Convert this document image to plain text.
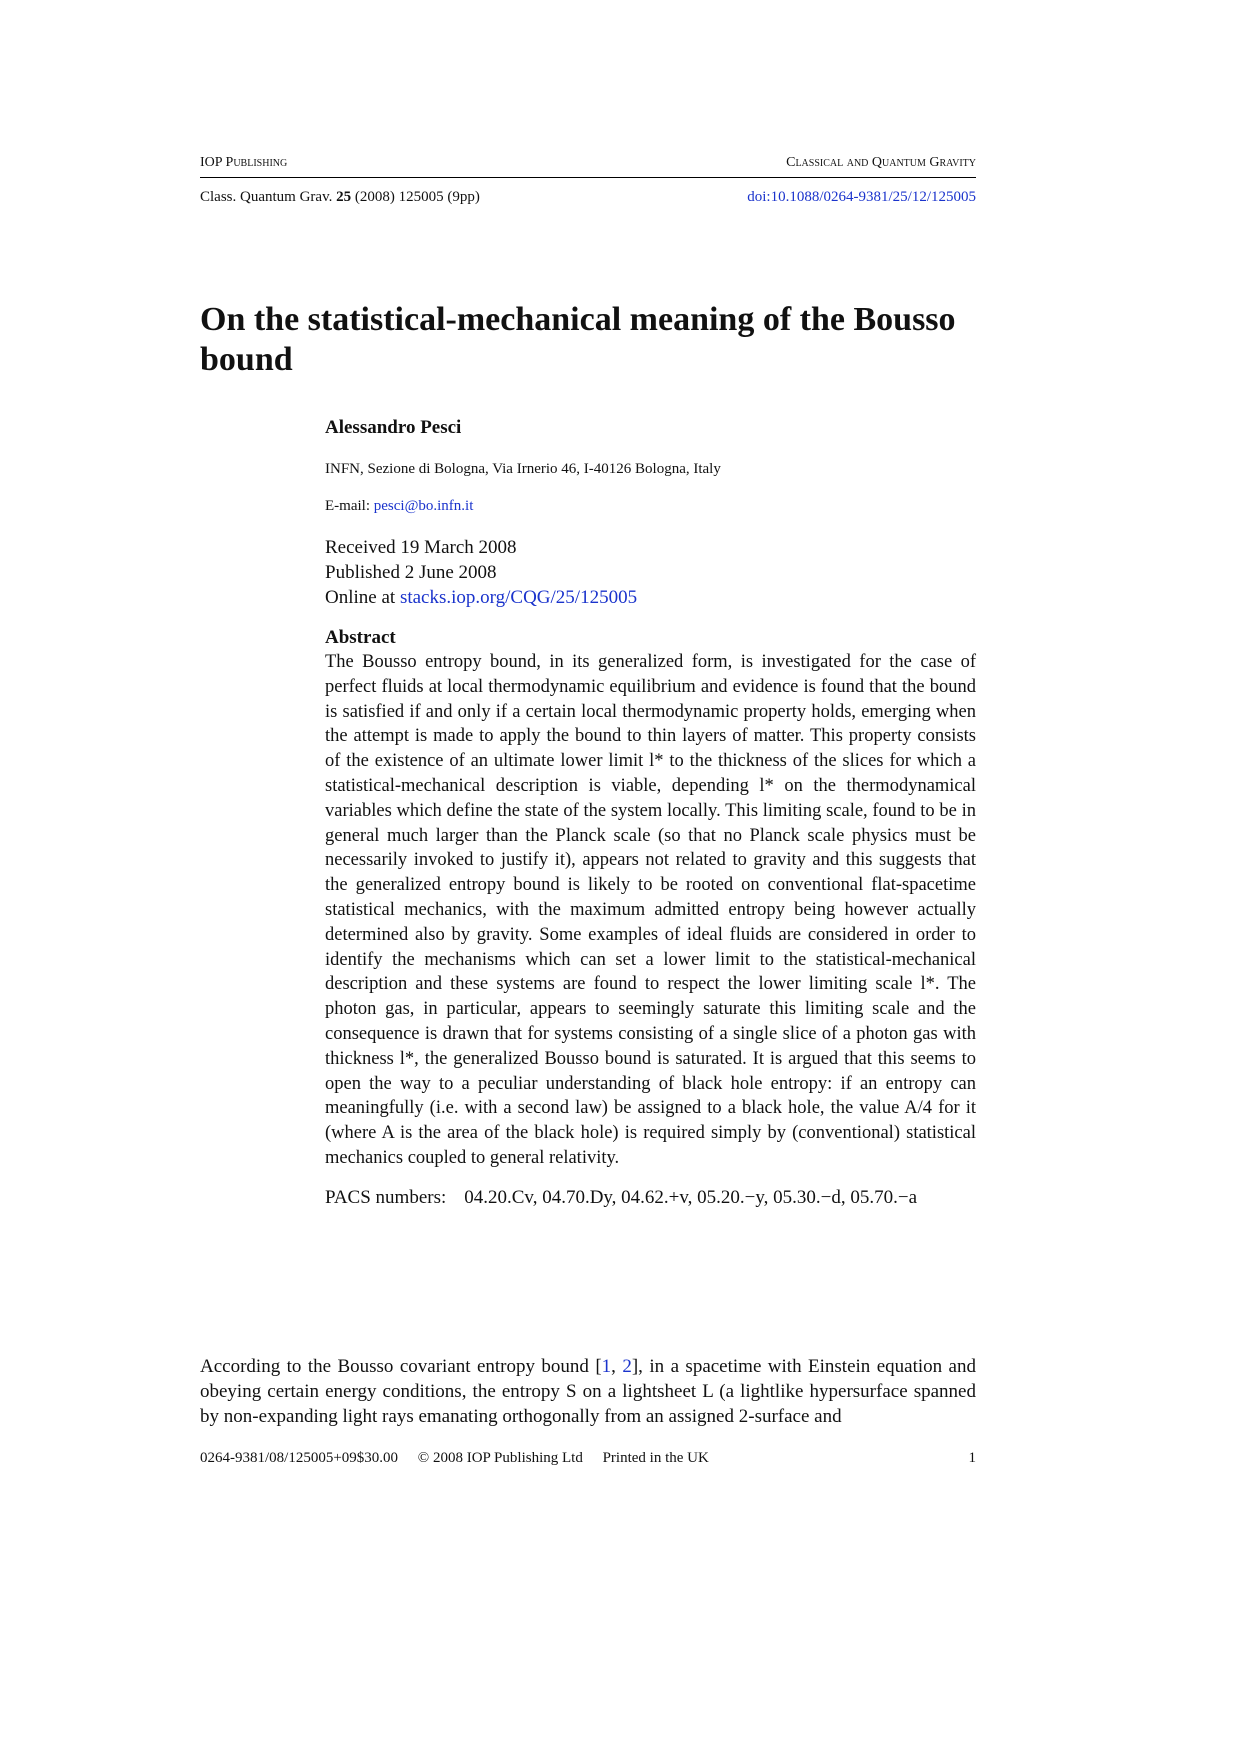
IOP Publishing	Classical and Quantum Gravity
Class. Quantum Grav. 25 (2008) 125005 (9pp)	doi:10.1088/0264-9381/25/12/125005
On the statistical-mechanical meaning of the Bousso bound

Alessandro Pesci

INFN, Sezione di Bologna, Via Irnerio 46, I-40126 Bologna, Italy
E-mail: pesci@bo.infn.it
Received 19 March 2008
Published 2 June 2008
Online at stacks.iop.org/CQG/25/125005
Abstract

The Bousso entropy bound, in its generalized form, is investigated for the case of perfect fluids at local thermodynamic equilibrium and evidence is found that the bound is satisfied if and only if a certain local thermodynamic property holds, emerging when the attempt is made to apply the bound to thin layers of matter. This property consists of the existence of an ultimate lower limit l* to the thickness of the slices for which a statistical-mechanical description is viable, depending l* on the thermodynamical variables which define the state of the system locally. This limiting scale, found to be in general much larger than the Planck scale (so that no Planck scale physics must be necessarily invoked to justify it), appears not related to gravity and this suggests that the generalized entropy bound is likely to be rooted on conventional flat-spacetime statistical mechanics, with the maximum admitted entropy being however actually determined also by gravity. Some examples of ideal fluids are considered in order to identify the mechanisms which can set a lower limit to the statistical-mechanical description and these systems are found to respect the lower limiting scale l*. The photon gas, in particular, appears to seemingly saturate this limiting scale and the consequence is drawn that for systems consisting of a single slice of a photon gas with thickness l*, the generalized Bousso bound is saturated. It is argued that this seems to open the way to a peculiar understanding of black hole entropy: if an entropy can meaningfully (i.e. with a second law) be assigned to a black hole, the value A/4 for it (where A is the area of the black hole) is required simply by (conventional) statistical mechanics coupled to general relativity.

PACS numbers: 04.20.Cv, 04.70.Dy, 04.62.+v, 05.20.−y, 05.30.−d, 05.70.−a

According to the Bousso covariant entropy bound [1, 2], in a spacetime with Einstein equation and obeying certain energy conditions, the entropy S on a lightsheet L (a lightlike hypersurface spanned by non-expanding light rays emanating orthogonally from an assigned 2-surface and

0264-9381/08/125005+09$30.00 © 2008 IOP Publishing Ltd Printed in the UK	1
